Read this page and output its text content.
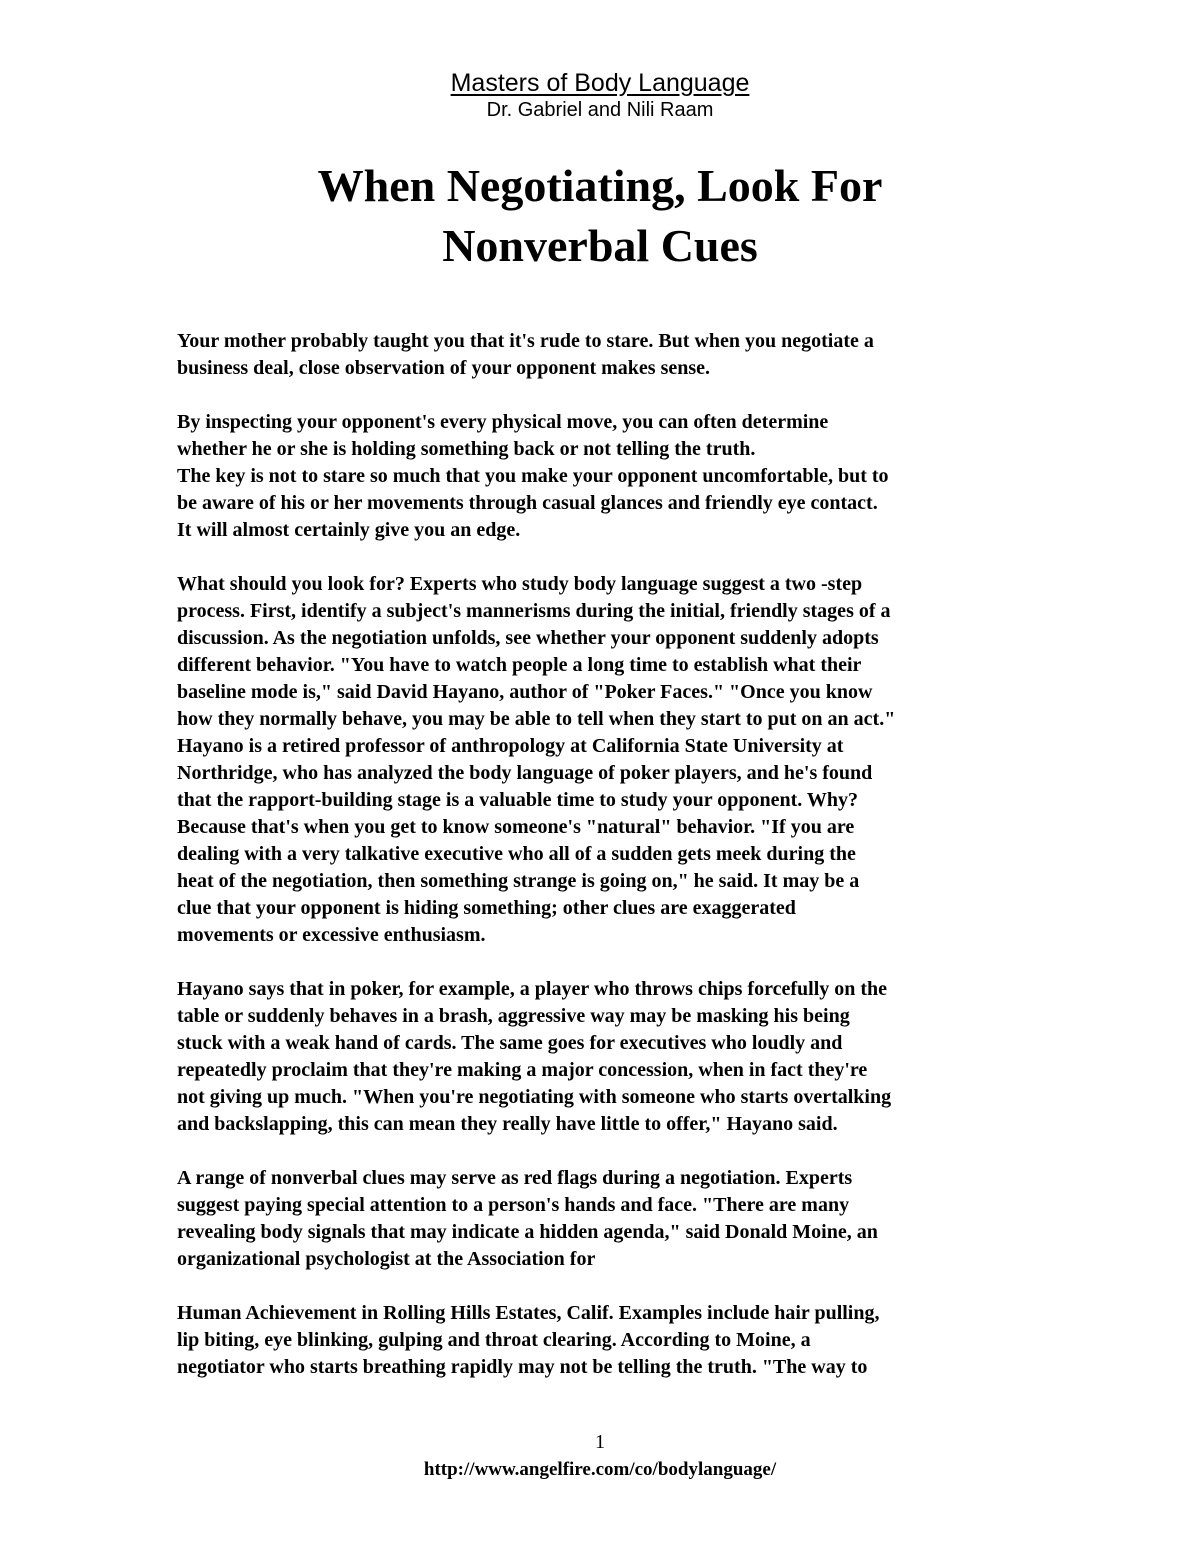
Masters of Body Language
Dr. Gabriel and Nili Raam
When Negotiating, Look For
Nonverbal Cues
Your mother probably taught you that it's rude to stare. But when you negotiate a
business deal, close observation of your opponent makes sense.
By inspecting your opponent's every physical move, you can often determine
whether he or she is holding something back or not telling the truth.
The key is not to stare so much that you make your opponent uncomfortable, but to
be aware of his or her movements through casual glances and friendly eye contact.
It will almost certainly give you an edge.
What should you look for? Experts who study body language suggest a two -step
process. First, identify a subject's mannerisms during the initial, friendly stages of a
discussion. As the negotiation unfolds, see whether your opponent suddenly adopts
different behavior. "You have to watch people a long time to establish what their
baseline mode is," said David Hayano, author of "Poker Faces." "Once you know
how they normally behave, you may be able to tell when they start to put on an act."
Hayano is a retired professor of anthropology at California State University at
Northridge, who has analyzed the body language of poker players, and he's found
that the rapport-building stage is a valuable time to study your opponent. Why?
Because that's when you get to know someone's "natural" behavior. "If you are
dealing with a very talkative executive who all of a sudden gets meek during the
heat of the negotiation, then something strange is going on," he said. It may be a
clue that your opponent is hiding something; other clues are exaggerated
movements or excessive enthusiasm.
Hayano says that in poker, for example, a player who throws chips forcefully on the
table or suddenly behaves in a brash, aggressive way may be masking his being
stuck with a weak hand of cards. The same goes for executives who loudly and
repeatedly proclaim that they're making a major concession, when in fact they're
not giving up much. "When you're negotiating with someone who starts overtalking
and backslapping, this can mean they really have little to offer," Hayano said.
A range of nonverbal clues may serve as red flags during a negotiation. Experts
suggest paying special attention to a person's hands and face. "There are many
revealing body signals that may indicate a hidden agenda," said Donald Moine, an
organizational psychologist at the Association for
Human Achievement in Rolling Hills Estates, Calif. Examples include hair pulling,
lip biting, eye blinking, gulping and throat clearing. According to Moine, a
negotiator who starts breathing rapidly may not be telling the truth. "The way to
1
http://www.angelfire.com/co/bodylanguage/
